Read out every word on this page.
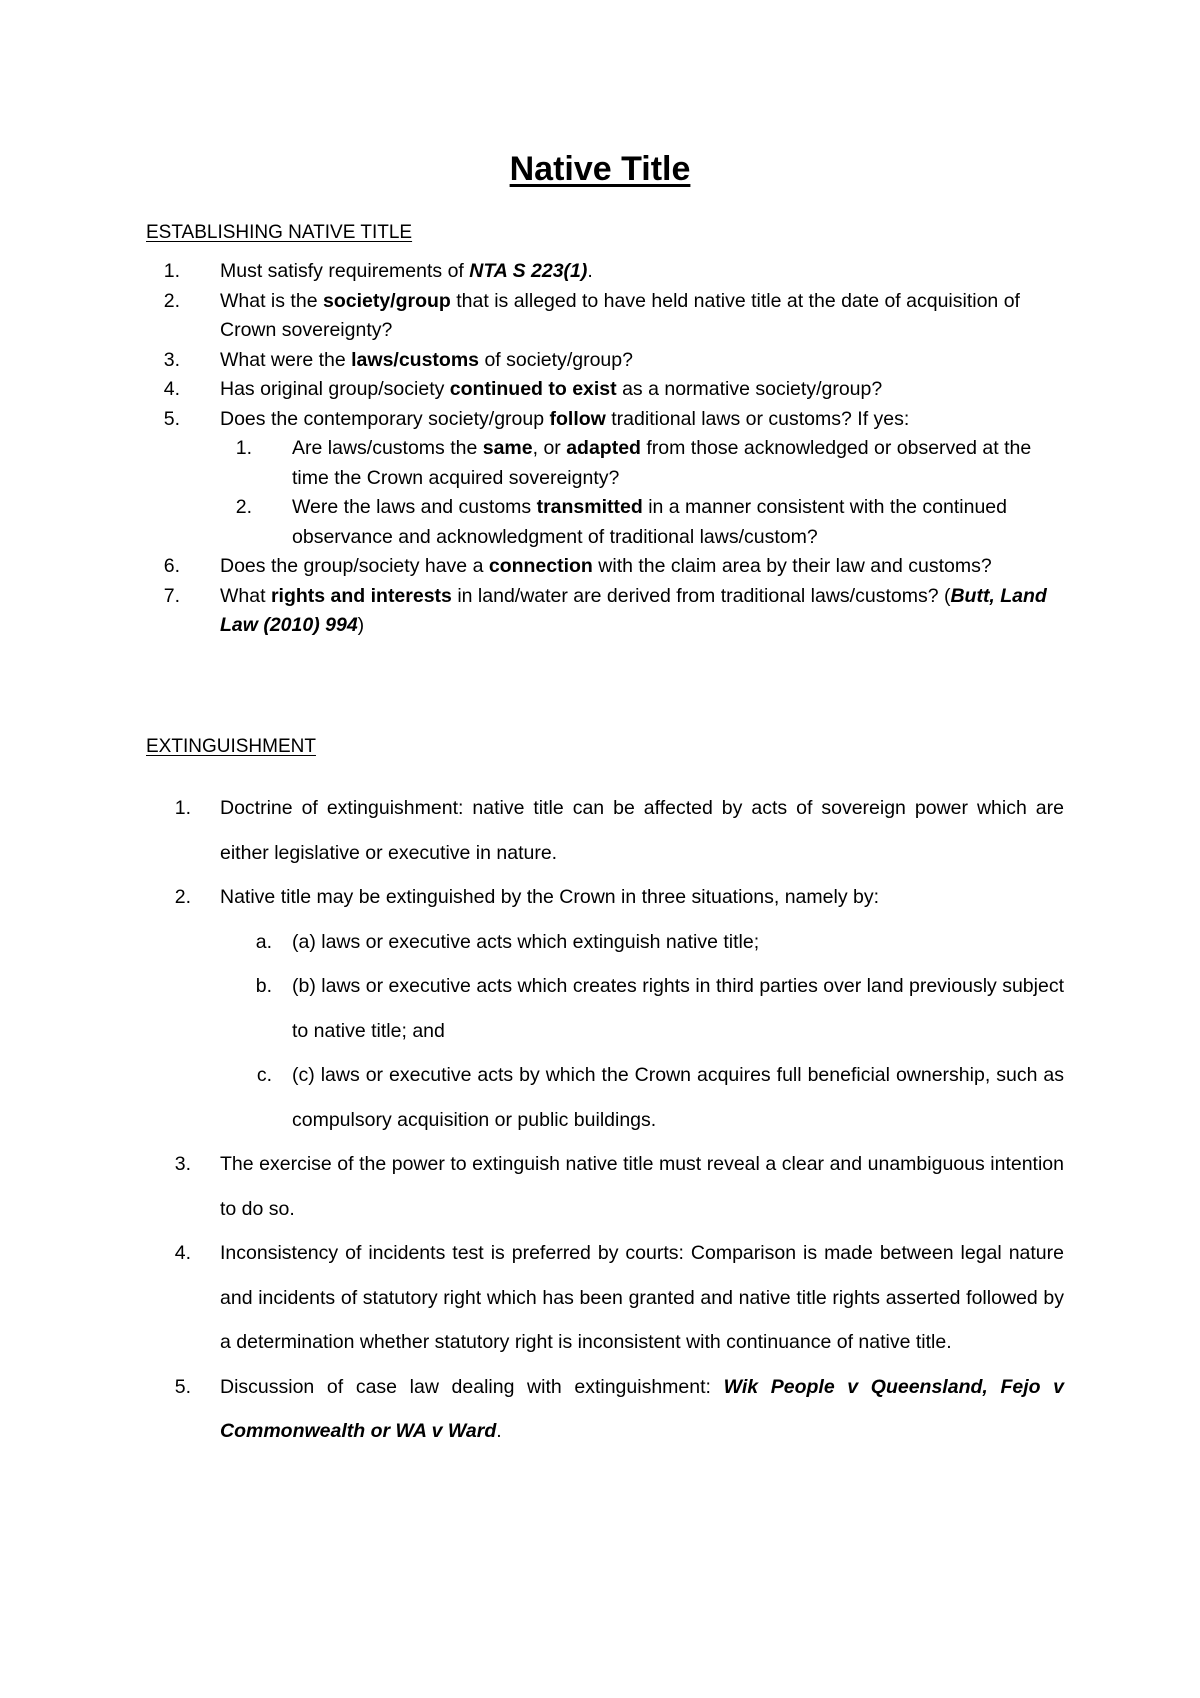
Native Title
ESTABLISHING NATIVE TITLE
1. Must satisfy requirements of NTA S 223(1).
2. What is the society/group that is alleged to have held native title at the date of acquisition of Crown sovereignty?
3. What were the laws/customs of society/group?
4. Has original group/society continued to exist as a normative society/group?
5. Does the contemporary society/group follow traditional laws or customs? If yes:
1. Are laws/customs the same, or adapted from those acknowledged or observed at the time the Crown acquired sovereignty?
2. Were the laws and customs transmitted in a manner consistent with the continued observance and acknowledgment of traditional laws/custom?
6. Does the group/society have a connection with the claim area by their law and customs?
7. What rights and interests in land/water are derived from traditional laws/customs? (Butt, Land Law (2010) 994)
EXTINGUISHMENT
1. Doctrine of extinguishment: native title can be affected by acts of sovereign power which are either legislative or executive in nature.
2. Native title may be extinguished by the Crown in three situations, namely by:
a. (a) laws or executive acts which extinguish native title;
b. (b) laws or executive acts which creates rights in third parties over land previously subject to native title; and
c. (c) laws or executive acts by which the Crown acquires full beneficial ownership, such as compulsory acquisition or public buildings.
3. The exercise of the power to extinguish native title must reveal a clear and unambiguous intention to do so.
4. Inconsistency of incidents test is preferred by courts: Comparison is made between legal nature and incidents of statutory right which has been granted and native title rights asserted followed by a determination whether statutory right is inconsistent with continuance of native title.
5. Discussion of case law dealing with extinguishment: Wik People v Queensland, Fejo v Commonwealth or WA v Ward.
